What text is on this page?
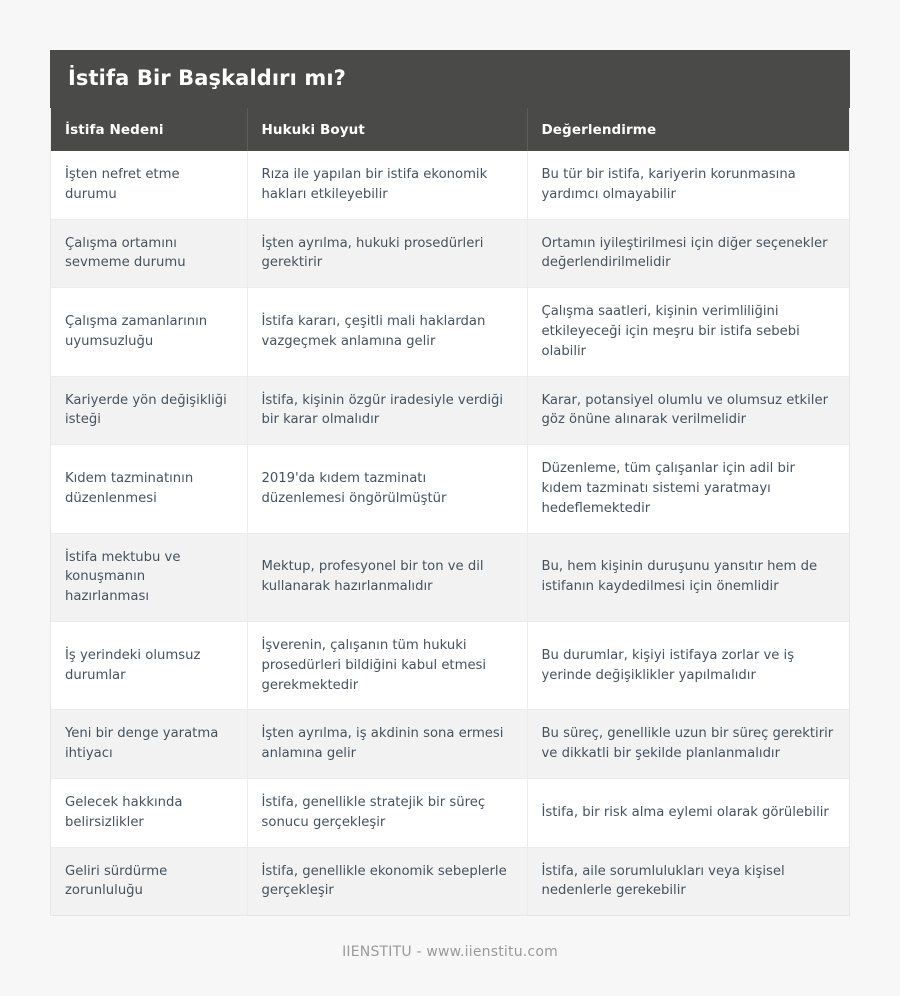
İstifa Bir Başkaldırı mı?
İstifa Nedeni	Hukuki Boyut	Değerlendirme
İşten nefret etme durumu	Rıza ile yapılan bir istifa ekonomik hakları etkileyebilir	Bu tür bir istifa, kariyerin korunmasına yardımcı olmayabilir
Çalışma ortamını sevmeme durumu	İşten ayrılma, hukuki prosedürleri gerektirir	Ortamın iyileştirilmesi için diğer seçenekler değerlendirilmelidir
Çalışma zamanlarının uyumsuzluğu	İstifa kararı, çeşitli mali haklardan vazgeçmek anlamına gelir	Çalışma saatleri, kişinin verimliliğini etkileyeceği için meşru bir istifa sebebi olabilir
Kariyerde yön değişikliği isteği	İstifa, kişinin özgür iradesiyle verdiği bir karar olmalıdır	Karar, potansiyel olumlu ve olumsuz etkiler göz önüne alınarak verilmelidir
Kıdem tazminatının düzenlenmesi	2019'da kıdem tazminatı düzenlemesi öngörülmüştür	Düzenleme, tüm çalışanlar için adil bir kıdem tazminatı sistemi yaratmayı hedeflemektedir
İstifa mektubu ve konuşmanın hazırlanması	Mektup, profesyonel bir ton ve dil kullanarak hazırlanmalıdır	Bu, hem kişinin duruşunu yansıtır hem de istifanın kaydedilmesi için önemlidir
İş yerindeki olumsuz durumlar	İşverenin, çalışanın tüm hukuki prosedürleri bildiğini kabul etmesi gerekmektedir	Bu durumlar, kişiyi istifaya zorlar ve iş yerinde değişiklikler yapılmalıdır
Yeni bir denge yaratma ihtiyacı	İşten ayrılma, iş akdinin sona ermesi anlamına gelir	Bu süreç, genellikle uzun bir süreç gerektirir ve dikkatli bir şekilde planlanmalıdır
Gelecek hakkında belirsizlikler	İstifa, genellikle stratejik bir süreç sonucu gerçekleşir	İstifa, bir risk alma eylemi olarak görülebilir
Geliri sürdürme zorunluluğu	İstifa, genellikle ekonomik sebeplerle gerçekleşir	İstifa, aile sorumlulukları veya kişisel nedenlerle gerekebilir
IIENSTITU - www.iienstitu.com
